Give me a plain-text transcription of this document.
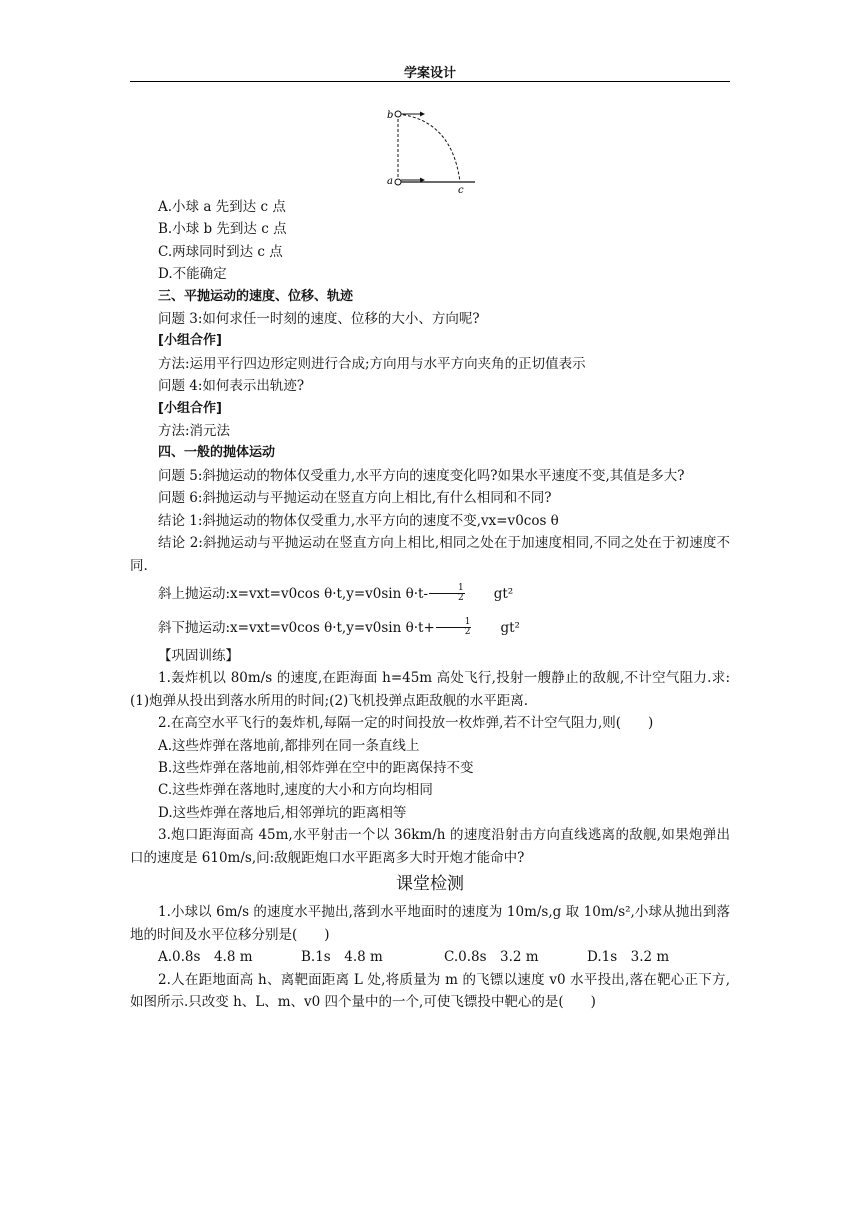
学案设计
b
a
c

A.小球 a 先到达 c 点

B.小球 b 先到达 c 点

C.两球同时到达 c 点

D.不能确定

三、平抛运动的速度、位移、轨迹

问题 3:如何求任一时刻的速度、位移的大小、方向呢?

[小组合作]

方法:运用平行四边形定则进行合成;方向用与水平方向夹角的正切值表示

问题 4:如何表示出轨迹?

[小组合作]

方法:消元法

四、一般的抛体运动

问题 5:斜抛运动的物体仅受重力,水平方向的速度变化吗?如果水平速度不变,其值是多大?

问题 6:斜抛运动与平抛运动在竖直方向上相比,有什么相同和不同?

结论 1:斜抛运动的物体仅受重力,水平方向的速度不变,vx=v0cos θ

结论 2:斜抛运动与平抛运动在竖直方向上相比,相同之处在于加速度相同,不同之处在于初速度不同.

斜上抛运动:x=vxt=v0cos θ·t,y=v0sin $\theta\cdot t- \frac{1}{2}$	gt²
斜下抛运动:x=vxt=v0cos θ·t,y=v0sin $\theta\cdot t+ \frac{1}{2}$	gt²

【巩固训练】

1.轰炸机以 80m/s 的速度,在距海面 h=45m 高处飞行,投射一艘静止的敌舰,不计空气阻力.求:(1)炮弹从投出到落水所用的时间;(2)飞机投弹点距敌舰的水平距离.

2.在高空水平飞行的轰炸机,每隔一定的时间投放一枚炸弹,若不计空气阻力,则(　　)

A.这些炸弹在落地前,都排列在同一条直线上

B.这些炸弹在落地前,相邻炸弹在空中的距离保持不变

C.这些炸弹在落地时,速度的大小和方向均相同

D.这些炸弹在落地后,相邻弹坑的距离相等

3.炮口距海面高 45m,水平射击一个以 36km/h 的速度沿射击方向直线逃离的敌舰,如果炮弹出口的速度是 610m/s,问:敌舰距炮口水平距离多大时开炮才能命中?

课堂检测

1.小球以 6m/s 的速度水平抛出,落到水平地面时的速度为 10m/s,g 取 10m/s²,小球从抛出到落地的时间及水平位移分别是(　　)

A.0.8s　4.8 m	B.1s　4.8 m	C.0.8s　3.2 m	D.1s　3.2 m

2.人在距地面高 h、离靶面距离 L 处,将质量为 m 的飞镖以速度 v0 水平投出,落在靶心正下方,如图所示.只改变 h、L、m、v0 四个量中的一个,可使飞镖投中靶心的是(　　)
